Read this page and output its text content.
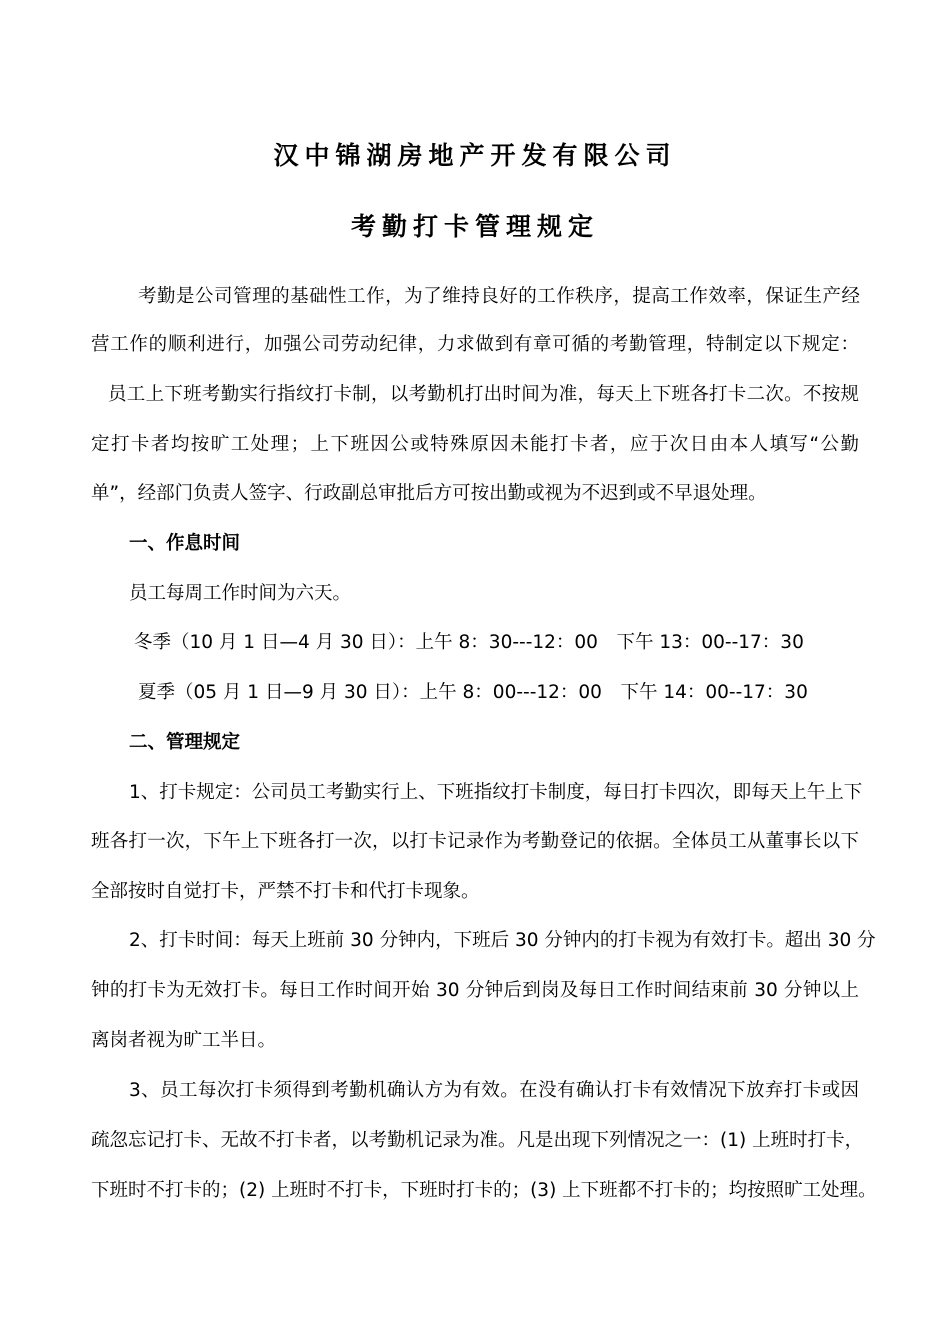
汉中锦湖房地产开发有限公司
考勤打卡管理规定
考勤是公司管理的基础性工作，为了维持良好的工作秩序，提高工作效率，保证生产经
营工作的顺利进行，加强公司劳动纪律，力求做到有章可循的考勤管理，特制定以下规定：
员工上下班考勤实行指纹打卡制，以考勤机打出时间为准，每天上下班各打卡二次。不按规
定打卡者均按旷工处理；上下班因公或特殊原因未能打卡者，应于次日由本人填写“公勤
单”，经部门负责人签字、行政副总审批后方可按出勤或视为不迟到或不早退处理。
一、作息时间
员工每周工作时间为六天。
冬季（10 月 1 日—4 月 30 日）：上午 8：30---12：00　下午 13：00--17：30
夏季（05 月 1 日—9 月 30 日）：上午 8：00---12：00　下午 14：00--17：30
二、管理规定
1、打卡规定：公司员工考勤实行上、下班指纹打卡制度，每日打卡四次，即每天上午上下
班各打一次，下午上下班各打一次，以打卡记录作为考勤登记的依据。全体员工从董事长以下
全部按时自觉打卡，严禁不打卡和代打卡现象。
2、打卡时间：每天上班前 30 分钟内，下班后 30 分钟内的打卡视为有效打卡。超出 30 分
钟的打卡为无效打卡。每日工作时间开始 30 分钟后到岗及每日工作时间结束前 30 分钟以上
离岗者视为旷工半日。
3、员工每次打卡须得到考勤机确认方为有效。在没有确认打卡有效情况下放弃打卡或因
疏忽忘记打卡、无故不打卡者，以考勤机记录为准。凡是出现下列情况之一：(1) 上班时打卡，
下班时不打卡的；(2) 上班时不打卡，下班时打卡的；(3) 上下班都不打卡的；均按照旷工处理。
